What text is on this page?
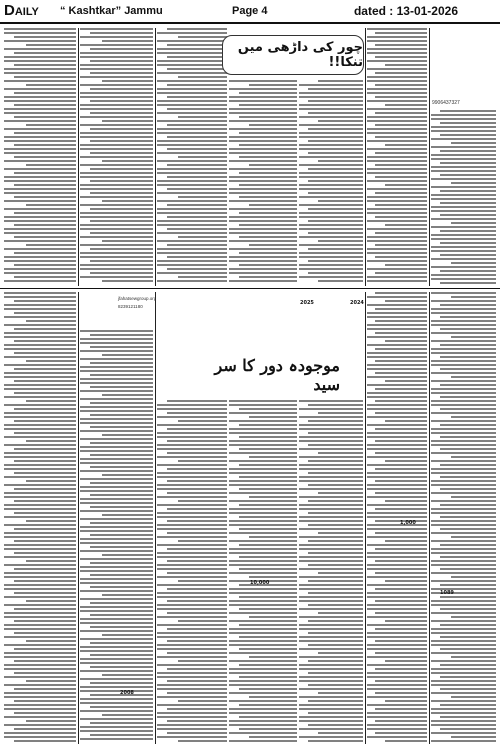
DAILY “ Kashtkar” Jammu	Page 4	dated : 13-01-2026
چور کی داڑھی میں تنکا!!
9906437327
موجودہ دور کا سر سید
jfahatsewgroup.org
8239121180
2025	2024
2008
10,000
1,000
1089
